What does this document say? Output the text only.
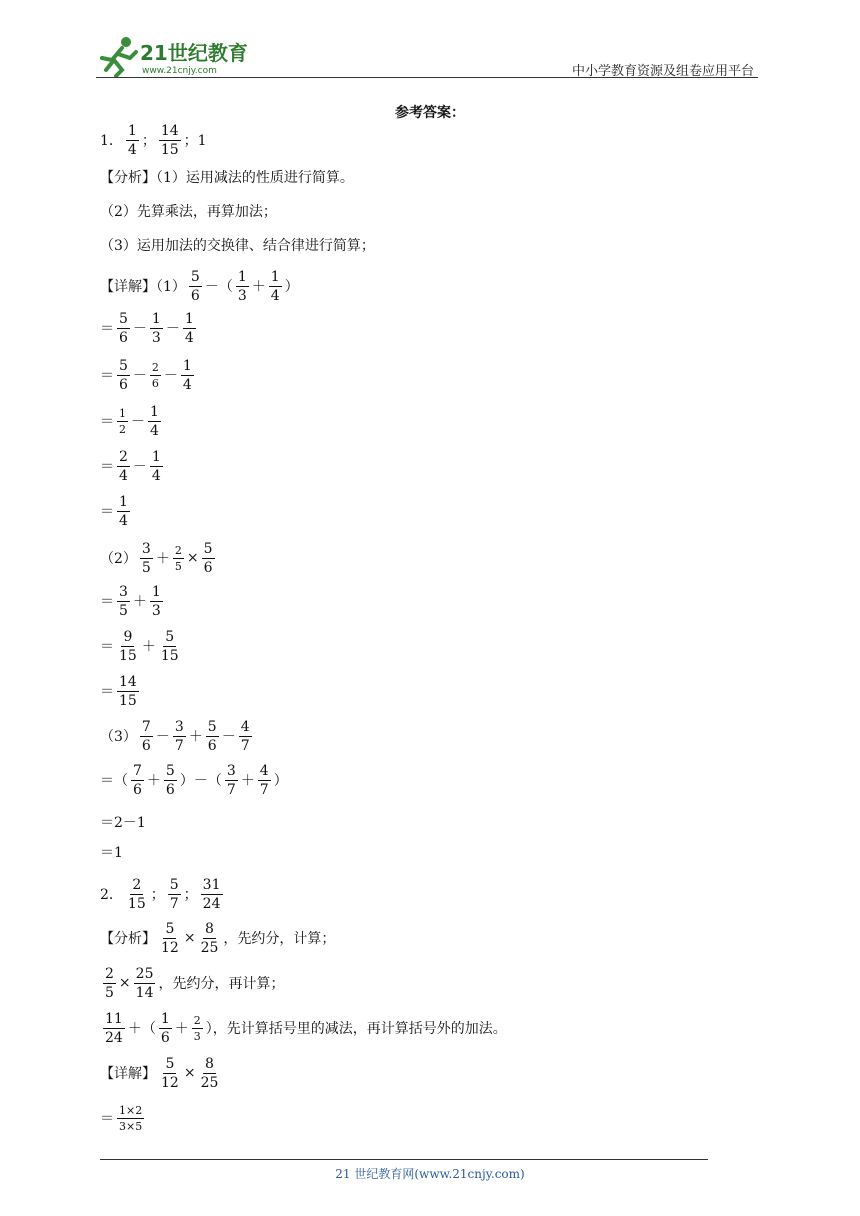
21世纪教育
www.21cnjy.com	中小学教育资源及组卷应用平台
参考答案：
1． $\frac{1}{4}$ ； $\frac{14}{15}$ ；1
【分析】（1）运用减法的性质进行简算。
（2）先算乘法，再算加法；
（3）运用加法的交换律、结合律进行简算；
【详解】$(1) \frac{5}{6}$ －（ $\frac{1}{3} + \frac{1}{4}$ ）
＝ $\frac{5}{6} - \frac{1}{3} - \frac{1}{4}$
＝ $\frac{5}{6} - \frac{2}{6} - \frac{1}{4}$
＝ $\frac{1}{2} - \frac{1}{4}$
＝ $\frac{2}{4} - \frac{1}{4}$
＝ $\frac{1}{4}$
$(2) \frac{3}{5} + \frac{2}{5} \times \frac{5}{6}$
＝ $\frac{3}{5} + \frac{1}{3}$
＝ $\frac{9}{15} + \frac{5}{15}$
＝ $\frac{14}{15}$
$(3) \frac{7}{6} - \frac{3}{7} + \frac{5}{6} - \frac{4}{7}$
＝（ $\frac{7}{6} + \frac{5}{6}$ ）－（ $\frac{3}{7} + \frac{4}{7}$ ）
＝2－1
＝1
2． $\frac{2}{15}$ ； $\frac{5}{7}$ ； $\frac{31}{24}$
【分析】 $\frac{5}{12} \times \frac{8}{25}$ ，先约分，计算；
$\frac{2}{5} \times \frac{25}{14}$ ，先约分，再计算；
$\frac{11}{24}$ ＋（ $\frac{1}{6} + \frac{2}{3}$ ），先计算括号里的减法，再计算括号外的加法。
【详解】 $\frac{5}{12} \times \frac{8}{25}$
＝ $\frac{1\times 2}{3\times 5}$
21 世纪教育网(www.21cnjy.com)
